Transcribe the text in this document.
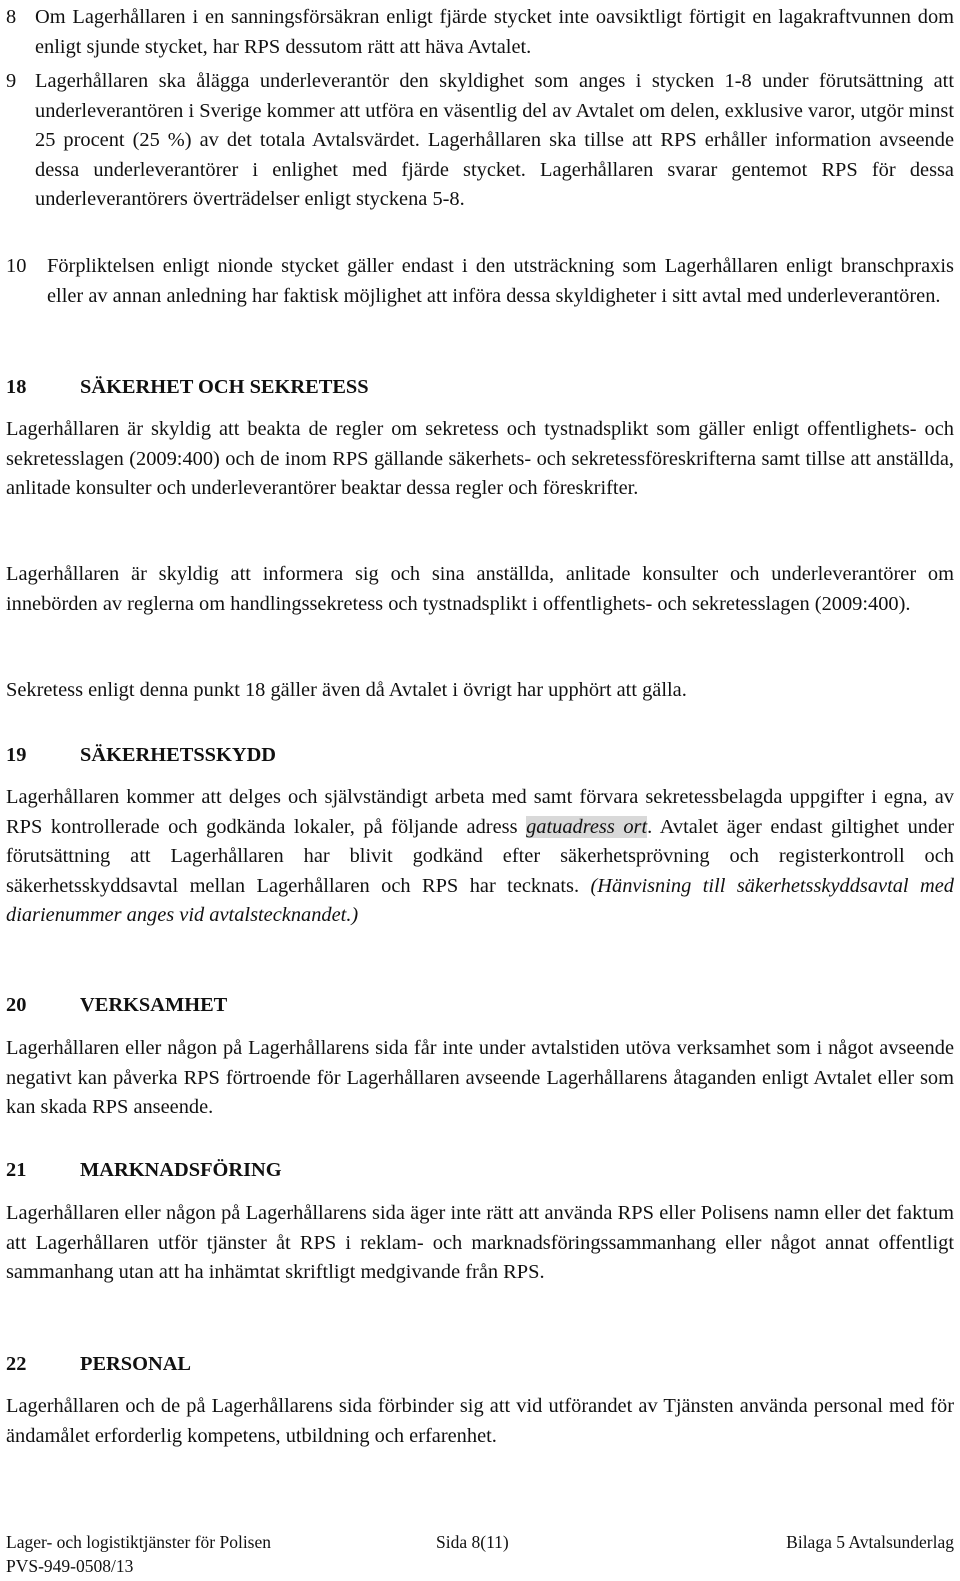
8 Om Lagerhållaren i en sanningsförsäkran enligt fjärde stycket inte oavsiktligt förtigit en lagakraftvunnen dom enligt sjunde stycket, har RPS dessutom rätt att häva Avtalet.
9 Lagerhållaren ska ålägga underleverantör den skyldighet som anges i stycken 1-8 under förutsättning att underleverantören i Sverige kommer att utföra en väsentlig del av Avtalet om delen, exklusive varor, utgör minst 25 procent (25 %) av det totala Avtalsvärdet. Lagerhållaren ska tillse att RPS erhåller information avseende dessa underleverantörer i enlighet med fjärde stycket. Lagerhållaren svarar gentemot RPS för dessa underleverantörers överträdelser enligt styckena 5-8.
10 Förpliktelsen enligt nionde stycket gäller endast i den utsträckning som Lagerhållaren enligt branschpraxis eller av annan anledning har faktisk möjlighet att införa dessa skyldigheter i sitt avtal med underleverantören.
18	SÄKERHET OCH SEKRETESS
Lagerhållaren är skyldig att beakta de regler om sekretess och tystnadsplikt som gäller enligt offentlighets- och sekretesslagen (2009:400) och de inom RPS gällande säkerhets- och sekretessföreskrifterna samt tillse att anställda, anlitade konsulter och underleverantörer beaktar dessa regler och föreskrifter.
Lagerhållaren är skyldig att informera sig och sina anställda, anlitade konsulter och underleverantörer om innebörden av reglerna om handlingssekretess och tystnadsplikt i offentlighets- och sekretesslagen (2009:400).
Sekretess enligt denna punkt 18 gäller även då Avtalet i övrigt har upphört att gälla.
19	SÄKERHETSSKYDD
Lagerhållaren kommer att delges och självständigt arbeta med samt förvara sekretessbelagda uppgifter i egna, av RPS kontrollerade och godkända lokaler, på följande adress gatuadress ort. Avtalet äger endast giltighet under förutsättning att Lagerhållaren har blivit godkänd efter säkerhetsprövning och registerkontroll och säkerhetsskyddsavtal mellan Lagerhållaren och RPS har tecknats. (Hänvisning till säkerhetsskyddsavtal med diarienummer anges vid avtalstecknandet.)
20	VERKSAMHET
Lagerhållaren eller någon på Lagerhållarens sida får inte under avtalstiden utöva verksamhet som i något avseende negativt kan påverka RPS förtroende för Lagerhållaren avseende Lagerhållarens åtaganden enligt Avtalet eller som kan skada RPS anseende.
21	MARKNADSFÖRING
Lagerhållaren eller någon på Lagerhållarens sida äger inte rätt att använda RPS eller Polisens namn eller det faktum att Lagerhållaren utför tjänster åt RPS i reklam- och marknadsföringssammanhang eller något annat offentligt sammanhang utan att ha inhämtat skriftligt medgivande från RPS.
22	PERSONAL
Lagerhållaren och de på Lagerhållarens sida förbinder sig att vid utförandet av Tjänsten använda personal med för ändamålet erforderlig kompetens, utbildning och erfarenhet.
Lager- och logistiktjänster för Polisen	Sida 8(11)	Bilaga 5 Avtalsunderlag
PVS-949-0508/13
